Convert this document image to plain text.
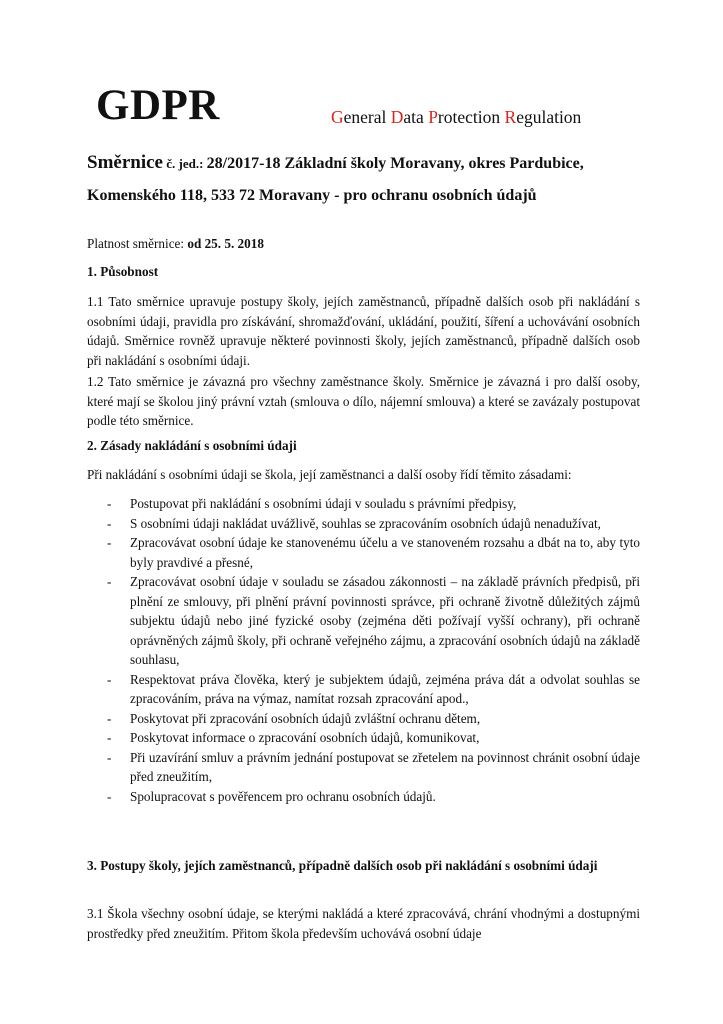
GDPR	General Data Protection Regulation
Směrnice č. jed.: 28/2017-18 Základní školy Moravany, okres Pardubice,
Komenského 118, 533 72 Moravany - pro ochranu osobních údajů
Platnost směrnice: od 25. 5. 2018
1. Působnost
1.1 Tato směrnice upravuje postupy školy, jejích zaměstnanců, případně dalších osob při nakládání s osobními údaji, pravidla pro získávání, shromažďování, ukládání, použití, šíření a uchovávání osobních údajů. Směrnice rovněž upravuje některé povinnosti školy, jejích zaměstnanců, případně dalších osob při nakládání s osobními údaji.
1.2 Tato směrnice je závazná pro všechny zaměstnance školy. Směrnice je závazná i pro další osoby, které mají se školou jiný právní vztah (smlouva o dílo, nájemní smlouva) a které se zavázaly postupovat podle této směrnice.
2. Zásady nakládání s osobními údaji
Při nakládání s osobními údaji se škola, její zaměstnanci a další osoby řídí těmito zásadami:
- Postupovat při nakládání s osobními údaji v souladu s právními předpisy,
- S osobními údaji nakládat uvážlivě, souhlas se zpracováním osobních údajů nenadužívat,
- Zpracovávat osobní údaje ke stanovenému účelu a ve stanoveném rozsahu a dbát na to, aby tyto byly pravdivé a přesné,
- Zpracovávat osobní údaje v souladu se zásadou zákonnosti – na základě právních předpisů, při plnění ze smlouvy, při plnění právní povinnosti správce, při ochraně životně důležitých zájmů subjektu údajů nebo jiné fyzické osoby (zejména děti požívají vyšší ochrany), při ochraně oprávněných zájmů školy, při ochraně veřejného zájmu, a zpracování osobních údajů na základě souhlasu,
- Respektovat práva člověka, který je subjektem údajů, zejména práva dát a odvolat souhlas se zpracováním, práva na výmaz, namítat rozsah zpracování apod.,
- Poskytovat při zpracování osobních údajů zvláštní ochranu dětem,
- Poskytovat informace o zpracování osobních údajů, komunikovat,
- Při uzavírání smluv a právním jednání postupovat se zřetelem na povinnost chránit osobní údaje před zneužitím,
- Spolupracovat s pověřencem pro ochranu osobních údajů.
3. Postupy školy, jejích zaměstnanců, případně dalších osob při nakládání s osobními údaji
3.1 Škola všechny osobní údaje, se kterými nakládá a které zpracovává, chrání vhodnými a dostupnými prostředky před zneužitím. Přitom škola především uchovává osobní údaje
